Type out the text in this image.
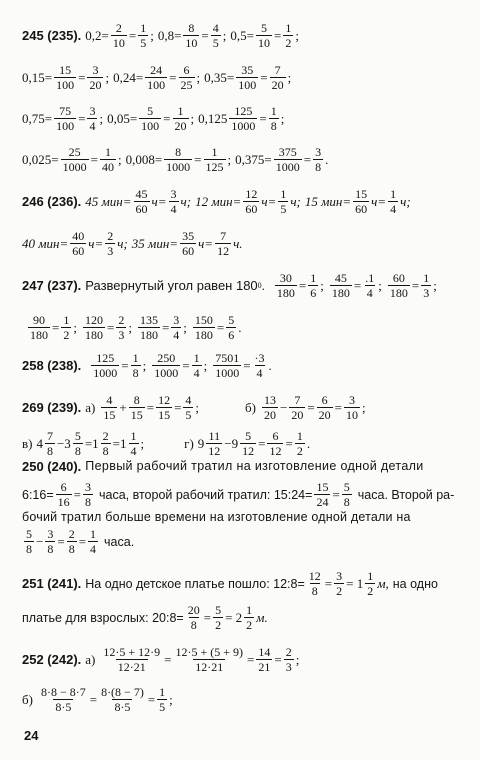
245 (235).
$0,2= \frac{2}{10} = \frac{1}{5}$ ;
$0,8= \frac{8}{10} = \frac{4}{5}$ ;
$0,5= \frac{5}{10} = \frac{1}{2}$ ;
$0,15= \frac{15}{100} = \frac{3}{20}$ ;
$0,24= \frac{24}{100} = \frac{6}{25}$ ;
$0,35= \frac{35}{100} = \frac{7}{20}$ ;
$0,75= \frac{75}{100} = \frac{3}{4}$ ;
$0,05= \frac{5}{100} = \frac{1}{20}$ ;
$0,125 \frac{125}{1000} = \frac{1}{8}$ ;
$0,025= \frac{25}{1000} = \frac{1}{40}$ ;
$0,008= \frac{8}{1000} = \frac{1}{125}$ ;
$0,375= \frac{375}{1000} = \frac{3}{8}$ .
246 (236).
45 $мин= \frac{45}{60} ч= \frac{3}{4} ч$;
12 $мин= \frac{12}{60} ч= \frac{1}{5} ч$;
15 $мин= \frac{15}{60} ч= \frac{1}{4} ч$;
40 $мин= \frac{40}{60} ч= \frac{2}{3} ч$;
35 $мин= \frac{35}{60} ч= \frac{7}{12} ч$.
247 (237).
Развернутый угол равен 180 0 .
$\frac{30}{180} = \frac{1}{6}$ ;
$\frac{45}{180} = \frac{.1}{4}$ ;
$\frac{60}{180} = \frac{1}{3}$ ;
$\frac{90}{180} = \frac{1}{2}$ ;
$\frac{120}{180} = \frac{2}{3}$ ;
$\frac{135}{180} = \frac{3}{4}$ ;
$\frac{150}{180} = \frac{5}{6}$ .
258 (238).
$\frac{125}{1000} = \frac{1}{8}$ ;
$\frac{250}{1000} = \frac{1}{4}$ ;
$\frac{7501}{1000} = \frac{\cdot 3}{4}$ .
269 (239).
а)
$\frac{4}{15} + \frac{8}{15} = \frac{12}{15} = \frac{4}{5}$ ;	б)
$\frac{13}{20} - \frac{7}{20} = \frac{6}{20} = \frac{3}{10}$ ;
в)
$4 \frac{7}{8} -3 \frac{5}{8} =1 \frac{2}{8} =1 \frac{1}{4}$ ;	г)
$9 \frac{11}{12} -9 \frac{5}{12} = \frac{6}{12} = \frac{1}{2}$ .
250 (240).
Первый рабочий тратил на изготовление одной детали
6:16= $\frac{6}{16} = \frac{3}{8}$
часа, второй рабочий тратил: 15:24= $\frac{15}{24} = \frac{5}{8}$
часа. Второй ра-
бочий тратил больше времени на изготовление одной детали на
$\frac{5}{8} - \frac{3}{8} = \frac{2}{8} = \frac{1}{4}$
часа.
251 (241).
На одно детское платье пошло: 12:8= $\frac{12}{8} = \frac{3}{2} = 1 \frac{1}{2} м$,
на одно
платье для взрослых: 20:8= $\frac{20}{8} = \frac{5}{2} = 2 \frac{1}{2} м$.
252 (242).
а)
$\frac{12\cdot 5 + 12\cdot 9}{12\cdot 21} = \frac{12\cdot 5 + (5 + 9)}{12\cdot 21} = \frac{14}{21} = \frac{2}{3}$ ;
б)
$\frac{8\cdot 8 - 8\cdot 7}{8\cdot 5} = \frac{8\cdot(8 - 7)}{8\cdot 5} = \frac{1}{5}$ ;
24
